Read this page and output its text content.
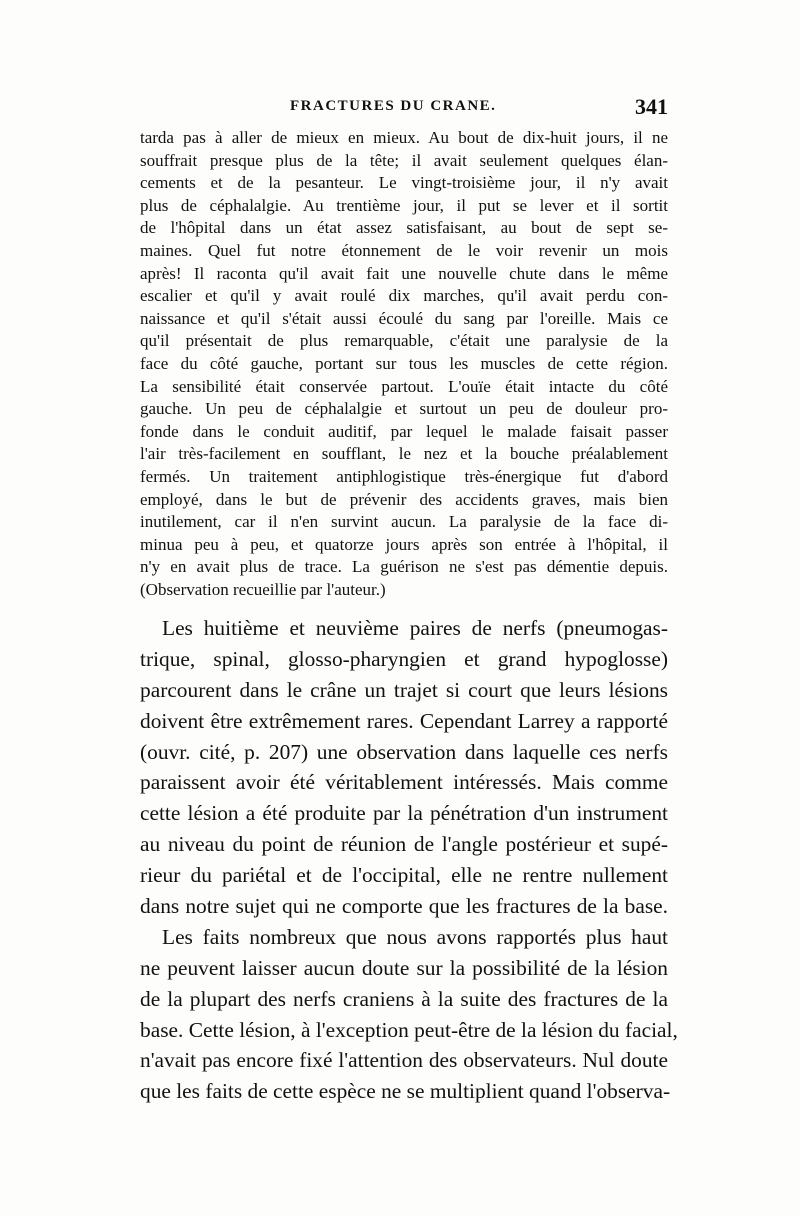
FRACTURES DU CRANE.	341
tarda pas à aller de mieux en mieux. Au bout de dix-huit jours, il ne
souffrait presque plus de la tête; il avait seulement quelques élan-
cements et de la pesanteur. Le vingt-troisième jour, il n'y avait
plus de céphalalgie. Au trentième jour, il put se lever et il sortit
de l'hôpital dans un état assez satisfaisant, au bout de sept se-
maines. Quel fut notre étonnement de le voir revenir un mois
après! Il raconta qu'il avait fait une nouvelle chute dans le même
escalier et qu'il y avait roulé dix marches, qu'il avait perdu con-
naissance et qu'il s'était aussi écoulé du sang par l'oreille. Mais ce
qu'il présentait de plus remarquable, c'était une paralysie de la
face du côté gauche, portant sur tous les muscles de cette région.
La sensibilité était conservée partout. L'ouïe était intacte du côté
gauche. Un peu de céphalalgie et surtout un peu de douleur pro-
fonde dans le conduit auditif, par lequel le malade faisait passer
l'air très-facilement en soufflant, le nez et la bouche préalablement
fermés. Un traitement antiphlogistique très-énergique fut d'abord
employé, dans le but de prévenir des accidents graves, mais bien
inutilement, car il n'en survint aucun. La paralysie de la face di-
minua peu à peu, et quatorze jours après son entrée à l'hôpital, il
n'y en avait plus de trace. La guérison ne s'est pas démentie depuis.
(Observation recueillie par l'auteur.)
Les huitième et neuvième paires de nerfs (pneumogas-
trique, spinal, glosso-pharyngien et grand hypoglosse)
parcourent dans le crâne un trajet si court que leurs lésions
doivent être extrêmement rares. Cependant Larrey a rapporté
(ouvr. cité, p. 207) une observation dans laquelle ces nerfs
paraissent avoir été véritablement intéressés. Mais comme
cette lésion a été produite par la pénétration d'un instrument
au niveau du point de réunion de l'angle postérieur et supé-
rieur du pariétal et de l'occipital, elle ne rentre nullement
dans notre sujet qui ne comporte que les fractures de la base.
Les faits nombreux que nous avons rapportés plus haut
ne peuvent laisser aucun doute sur la possibilité de la lésion
de la plupart des nerfs craniens à la suite des fractures de la
base. Cette lésion, à l'exception peut-être de la lésion du facial,
n'avait pas encore fixé l'attention des observateurs. Nul doute
que les faits de cette espèce ne se multiplient quand l'observa-
